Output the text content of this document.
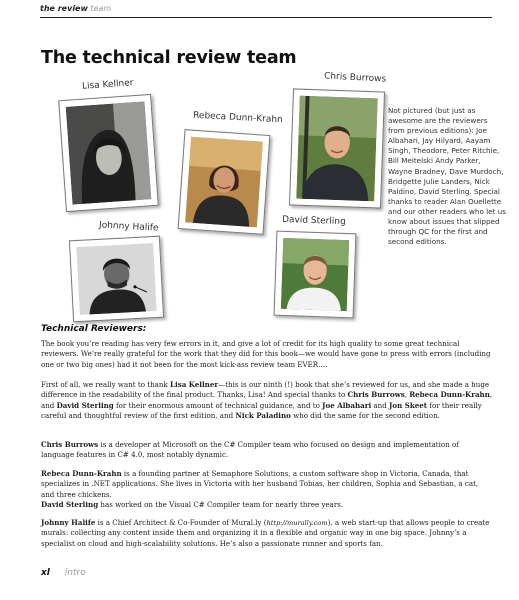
the review team
The technical review team
Lisa Kellner
Rebeca Dunn-Krahn
Chris Burrows
Not pictured (but just as awesome are the reviewers from previous editions): Joe Albahari, Jay Hilyard, Aayam Singh, Theodore, Peter Ritchie, Bill Meitelski Andy Parker, Wayne Bradney, Dave Murdoch, Bridgette Julie Landers, Nick Paldino, David Sterling. Special thanks to reader Alan Ouellette and our other readers who let us know about issues that slipped through QC for the first and second editions.
Johnny Halife	David Sterling
Technical Reviewers:

The book you’re reading has very few errors in it, and give a lot of credit for its high quality to some great technical reviewers. We’re really grateful for the work that they did for this book—we would have gone to press with errors (including one or two big ones) had it not been for the most kick-ass review team EVER….

First of all, we really want to thank Lisa Kellner—this is our ninth (!) book that she’s reviewed for us, and she made a huge difference in the readability of the final product. Thanks, Lisa! And special thanks to Chris Burrows, Rebeca Dunn-Krahn, and David Sterling for their enormous amount of technical guidance, and to Joe Albahari and Jon Skeet for their really careful and thoughtful review of the first edition, and Nick Paladino who did the same for the second edition.

Chris Burrows is a developer at Microsoft on the C# Compiler team who focused on design and implementation of language features in C# 4.0, most notably dynamic.

Rebeca Dunn-Krahn is a founding partner at Semaphore Solutions, a custom software shop in Victoria, Canada, that specializes in .NET applications. She lives in Victoria with her husband Tobias, her children, Sophia and Sebastian, a cat, and three chickens.

David Sterling has worked on the Visual C# Compiler team for nearly three years.

Johnny Halife is a Chief Architect & Co-Founder of Mural.ly (http://murally.com), a web start-up that allows people to create murals: collecting any content inside them and organizing it in a flexible and organic way in one big space. Johnny’s a specialist on cloud and high-scalability solutions. He’s also a passionate runner and sports fan.

xl intro
